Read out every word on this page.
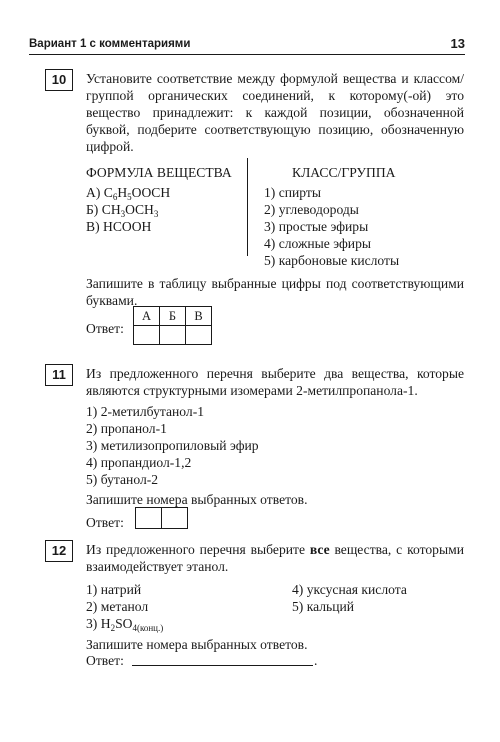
Вариант 1 с комментариями	13
10	Установите соответствие между формулой вещества и классом/группой органических соединений, к которому(-ой) это вещество принадлежит: к каждой позиции, обозначенной буквой, подберите соответствующую позицию, обозначенную цифрой.
ФОРМУЛА ВЕЩЕСТВА	КЛАСС/ГРУППА
А) $C_6H_5OOCH$
Б) $CH_3OCH_3$
В) HCOOH
1) спирты
2) углеводороды
3) простые эфиры
4) сложные эфиры
5) карбоновые кислоты
Запишите в таблицу выбранные цифры под соответствующими буквами.
Ответ:
А	Б	В

11	Из предложенного перечня выберите два вещества, которые являются структурными изомерами 2-метилпропанола-1.
1) 2-метилбутанол-1
2) пропанол-1
3) метилизопропиловый эфир
4) пропандиол-1,2
5) бутанол-2
Запишите номера выбранных ответов.
Ответ:
12	Из предложенного перечня выберите все вещества, с которыми взаимодействует этанол.
1) натрий
2) метанол
3) $H_2SO_{4(конц.)}$
4) уксусная кислота
5) кальций
Запишите номера выбранных ответов.
Ответ:	.
